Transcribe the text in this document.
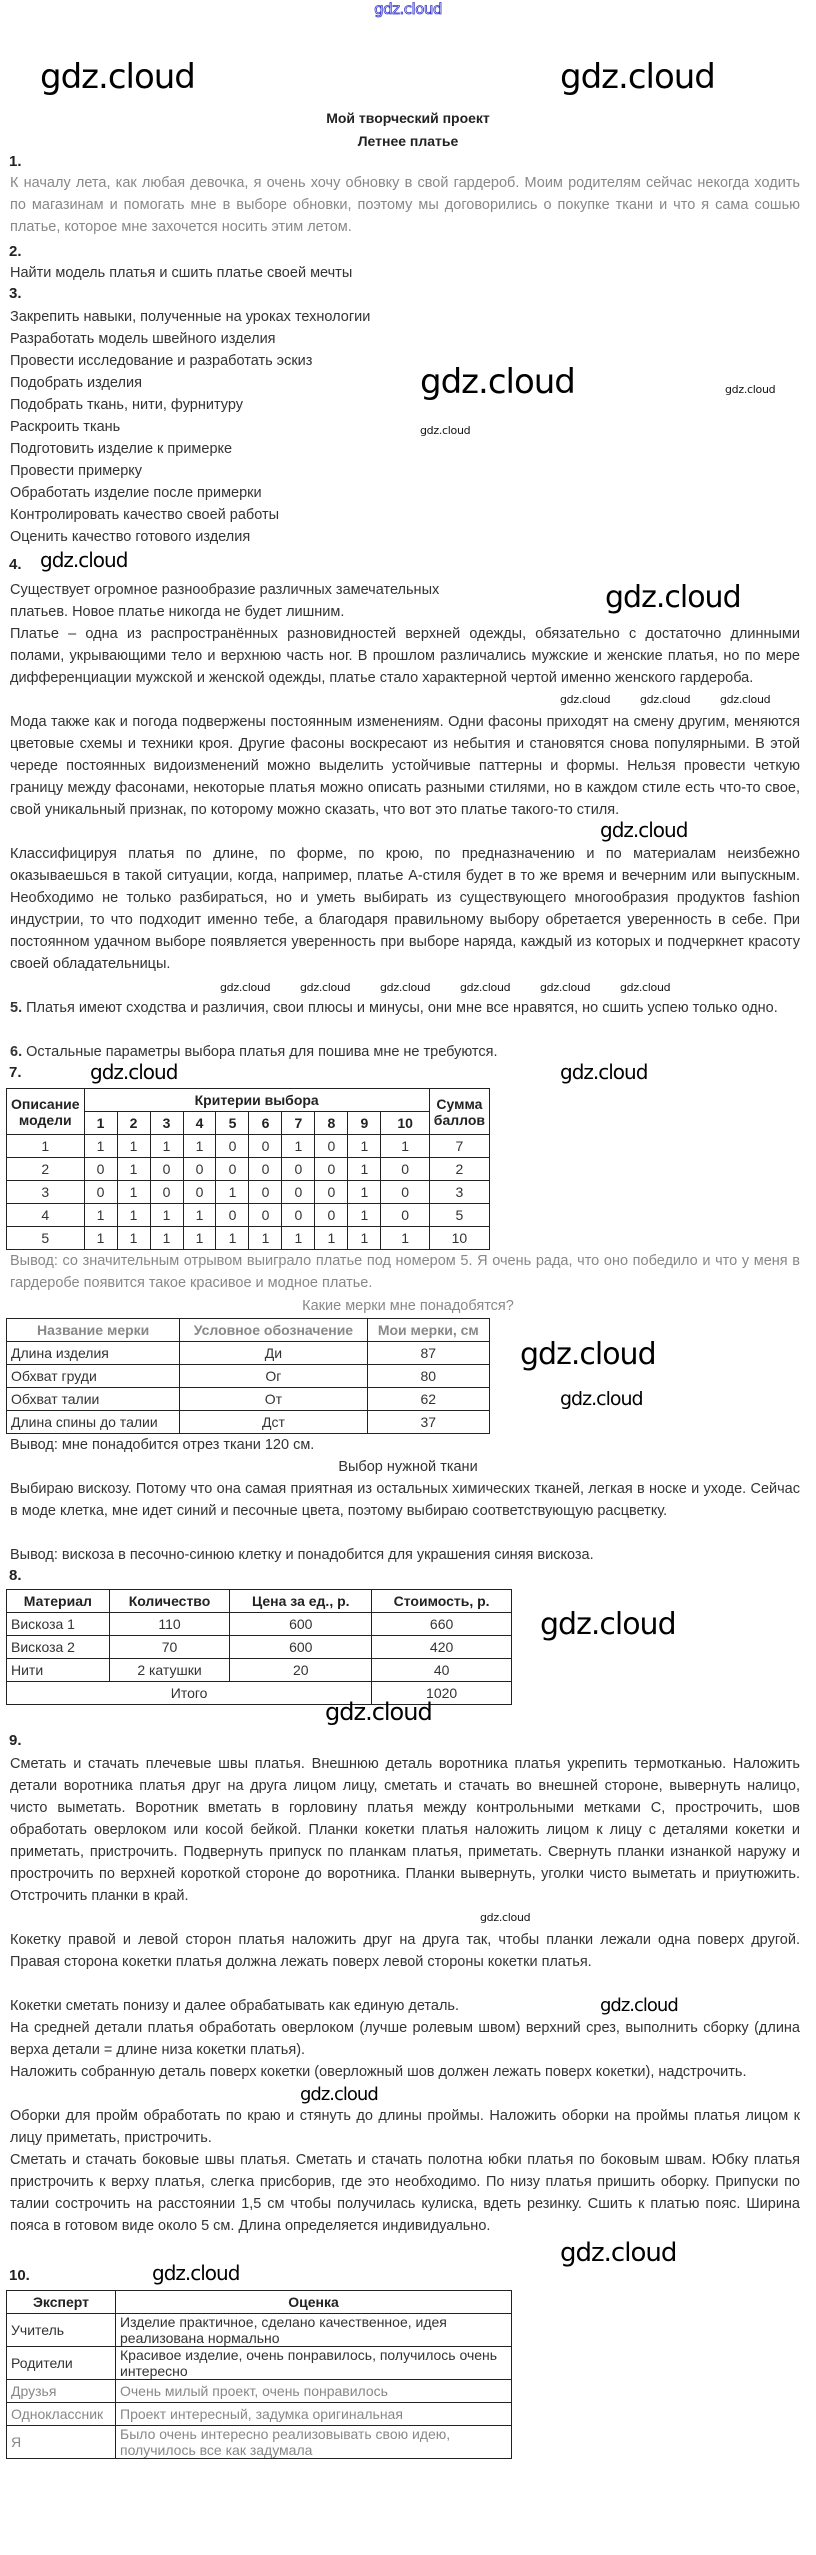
gdz.cloud
Мой творческий проект
Летнее платье
gdz.cloud	gdz.cloud
1.
К началу лета, как любая девочка, я очень хочу обновку в свой гардероб. Моим родителям сейчас некогда ходить по магазинам и помогать мне в выборе обновки, поэтому мы договорились о покупке ткани и что я сама сошью платье, которое мне захочется носить этим летом.
2.
Найти модель платья и сшить платье своей мечты
3.
Закрепить навыки, полученные на уроках технологии
Разработать модель швейного изделия
Провести исследование и разработать эскиз
Подобрать изделия
Подобрать ткань, нити, фурнитуру
Раскроить ткань
Подготовить изделие к примерке
Провести примерку
Обработать изделие после примерки
Контролировать качество своей работы
Оценить качество готового изделия
gdz.cloud	gdz.cloud
gdz.cloud
4. gdz.cloud
Существует огромное разнообразие различных замечательных
платьев. Новое платье никогда не будет лишним.	gdz.cloud
Платье – одна из распространённых разновидностей верхней одежды, обязательно с достаточно длинными полами, укрывающими тело и верхнюю часть ног. В прошлом различались мужские и женские платья, но по мере дифференциации мужской и женской одежды, платье стало характерной чертой именно женского гардероба.
Мода также как и погода подвержены постоянным изменениям. Одни фасоны приходят на смену другим, меняются цветовые схемы и техники кроя. Другие фасоны воскресают из небытия и становятся снова популярными. В этой череде постоянных видоизменений можно выделить устойчивые паттерны и формы. Нельзя провести четкую границу между фасонами, некоторые платья можно описать разными стилями, но в каждом стиле есть что-то свое, свой уникальный признак, по которому можно сказать, что вот это платье такого-то стиля.
Классифицируя платья по длине, по форме, по крою, по предназначению и по материалам неизбежно оказываешься в такой ситуации, когда, например, платье А-стиля будет в то же время и вечерним или выпускным. Необходимо не только разбираться, но и уметь выбирать из существующего многообразия продуктов fashion индустрии, то что подходит именно тебе, а благодаря правильному выбору обретается уверенность в себе. При постоянном удачном выборе появляется уверенность при выборе наряда, каждый из которых и подчеркнет красоту своей обладательницы.
gdz.cloud	gdz.cloud	gdz.cloud
gdz.cloud	gdz.cloud
gdz.cloud
gdz.cloud	gdz.cloud	gdz.cloud	gdz.cloud
5. Платья имеют сходства и различия, свои плюсы и минусы, они мне все нравятся, но сшить успею только одно.
6. Остальные параметры выбора платья для пошива мне не требуются.
7.	gdz.cloud	gdz.cloud
Описание модели	Критерии выбора										Сумма баллов
	1	2	3	4	5	6	7	8	9	10	
1	1	1	1	1	0	0	1	0	1	1	7
2	0	1	0	0	0	0	0	0	1	0	2
3	0	1	0	0	1	0	0	0	1	0	3
4	1	1	1	1	0	0	0	0	1	0	5
5	1	1	1	1	1	1	1	1	1	1	10
Вывод: со значительным отрывом выиграло платье под номером 5. Я очень рада, что оно победило и что у меня в гардеробе появится такое красивое и модное платье.
Какие мерки мне понадобятся?
Название мерки	Условное обозначение	Мои мерки, см
Длина изделия	Ди	87
Обхват груди	Ог	80
Обхват талии	От	62
Длина спины до талии	Дст	37
gdz.cloud
gdz.cloud
Вывод: мне понадобится отрез ткани 120 см.
Выбор нужной ткани
Выбираю вискозу. Потому что она самая приятная из остальных химических тканей, легкая в носке и уходе. Сейчас в моде клетка, мне идет синий и песочные цвета, поэтому выбираю соответствующую расцветку.
Вывод: вискоза в песочно-синюю клетку и понадобится для украшения синяя вискоза.
8.
Материал	Количество	Цена за ед., р.	Стоимость, р.
Вискоза 1	110	600	660
Вискоза 2	70	600	420
Нити	2 катушки	20	40
Итого			1020
gdz.cloud
gdz.cloud
9.
Сметать и стачать плечевые швы платья. Внешнюю деталь воротника платья укрепить термотканью. Наложить детали воротника платья друг на друга лицом лицу, сметать и стачать во внешней стороне, вывернуть налицо, чисто выметать. Воротник вметать в горловину платья между контрольными метками С, прострочить, шов обработать оверлоком или косой бейкой. Планки кокетки платья наложить лицом к лицу с деталями кокетки и приметать, пристрочить. Подвернуть припуск по планкам платья, приметать. Свернуть планки изнанкой наружу и прострочить по верхней короткой стороне до воротника. Планки вывернуть, уголки чисто выметать и приутюжить. Отстрочить планки в край.
Кокетку правой и левой сторон платья наложить друг на друга так, чтобы планки лежали одна поверх другой. Правая сторона кокетки платья должна лежать поверх левой стороны кокетки платья.
Кокетки сметать понизу и далее обрабатывать как единую деталь.
На средней детали платья обработать оверлоком (лучше ролевым швом) верхний срез, выполнить сборку (длина верха детали = длине низа кокетки платья).
Наложить собранную деталь поверх кокетки (оверложный шов должен лежать поверх кокетки), надстрочить.
Оборки для пройм обработать по краю и стянуть до длины проймы. Наложить оборки на проймы платья лицом к лицу приметать, пристрочить.
Сметать и стачать боковые швы платья. Сметать и стачать полотна юбки платья по боковым швам. Юбку платья пристрочить к верху платья, слегка присборив, где это необходимо. По низу платья пришить оборку. Припуски по талии сострочить на расстоянии 1,5 см чтобы получилась кулиска, вдеть резинку. Сшить к платью пояс. Ширина пояса в готовом виде около 5 см. Длина определяется индивидуально.
gdz.cloud
gdz.cloud
gdz.cloud
gdz.cloud
10.	gdz.cloud
Эксперт	Оценка
Учитель	Изделие практичное, сделано качественное, идея реализована нормально
Родители	Красивое изделие, очень понравилось, получилось очень интересно
Друзья	Очень милый проект, очень понравилось
Одноклассник	Проект интересный, задумка оригинальная
Я	Было очень интересно реализовывать свою идею, получилось все как задумала
